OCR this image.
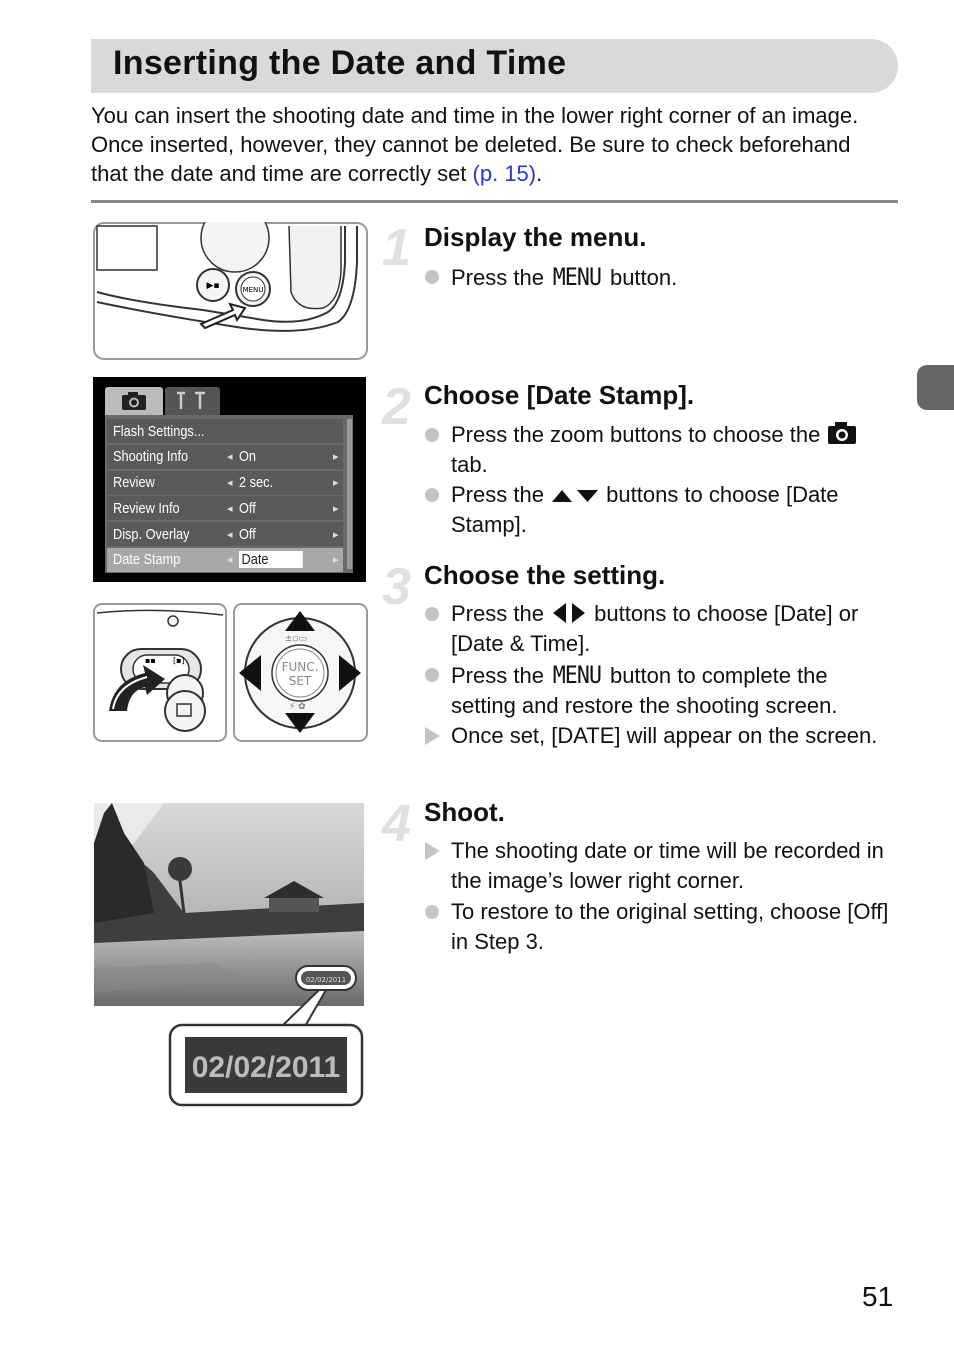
Inserting the Date and Time
You can insert the shooting date and time in the lower right corner of an image. Once inserted, however, they cannot be deleted. Be sure to check beforehand that the date and time are correctly set (p. 15).
1 Display the menu.
Press the MENU button.
▶▪	MENU
2 Choose [Date Stamp].
Press the zoom buttons to choose the  tab.
Press the  buttons to choose [Date Stamp].
Flash Settings...
Shooting Info	◂ On	▸
Review	◂ 2 sec.	▸
Review Info	◂ Off	▸
Disp. Overlay	◂ Off	▸
Date Stamp	◂ Date	▸ 3 Choose the setting.
Press the  buttons to choose [Date] or [Date & Time].
Press the MENU button to complete the setting and restore the shooting screen.
Once set, [DATE] will appear on the screen.
▪▪ [▪]	FUNC.
SET
±▫▭
⚡ ✿
4 Shoot.
The shooting date or time will be recorded in the image’s lower right corner.
To restore to the original setting, choose [Off] in Step 3.
02/02/2011
02/02/2011
51
